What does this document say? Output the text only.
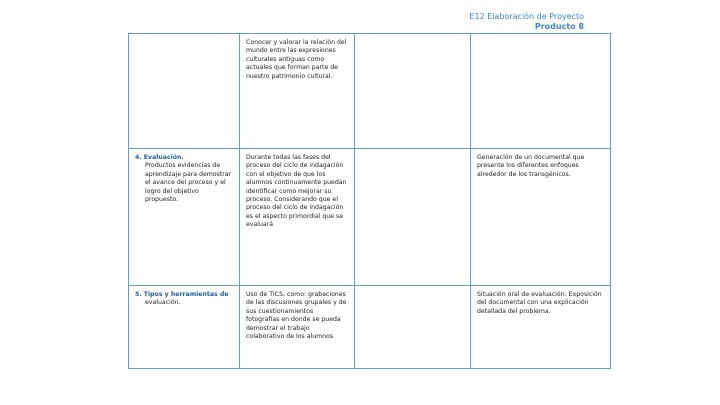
E12 Elaboración de Proyecto
Producto 8
	Conocer y valorar la relación del mundo entre las expresiones culturales antiguas como actuales que forman parte de nuestro patrimonio cultural.		

4. Evaluación.
Productos evidencias de aprendizaje para demostrar el avance del proceso y el logro del objetivo propuesto.	Durante todas las fases del proceso del ciclo de indagación con el objetivo de que los alumnos continuamente puedan identificar como mejorar su proceso. Considerando que el proceso del ciclo de indagación es el aspecto primordial que se evaluará		Generación de un documental que presente los diferentes enfoques alrededor de los transgénicos.

5. Tipos y herramientas de
evaluación.	Uso de TICS, como: grabaciones de las discusiones grupales y de sus cuestionamientos fotografías en donde se pueda demostrar el trabajo colaborativo de los alumnos		Situación oral de evaluación: Exposición del documental con una explicación detallada del problema.
